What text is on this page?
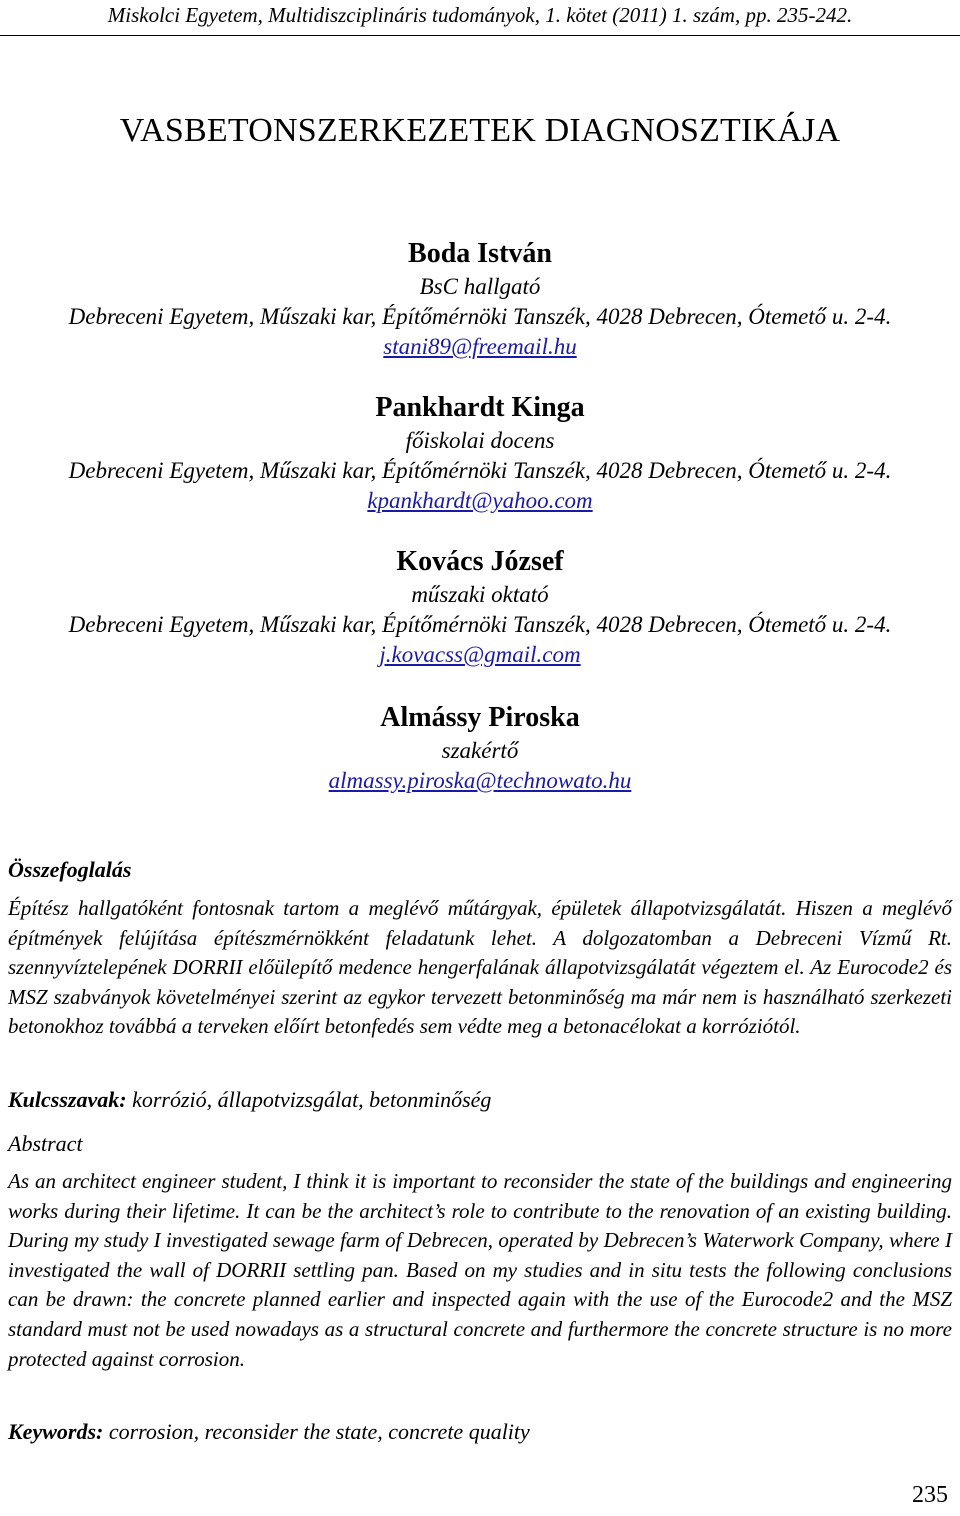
Miskolci Egyetem, Multidiszciplináris tudományok, 1. kötet (2011) 1. szám, pp. 235-242.
VASBETONSZERKEZETEK DIAGNOSZTIKÁJA
Boda István
BsC hallgató
Debreceni Egyetem, Műszaki kar, Építőmérnöki Tanszék, 4028 Debrecen, Ótemető u. 2-4.
stani89@freemail.hu
Pankhardt Kinga
főiskolai docens
Debreceni Egyetem, Műszaki kar, Építőmérnöki Tanszék, 4028 Debrecen, Ótemető u. 2-4.
kpankhardt@yahoo.com
Kovács József
műszaki oktató
Debreceni Egyetem, Műszaki kar, Építőmérnöki Tanszék, 4028 Debrecen, Ótemető u. 2-4.
j.kovacss@gmail.com
Almássy Piroska
szakértő
almassy.piroska@technowato.hu
Összefoglalás
Építész hallgatóként fontosnak tartom a meglévő műtárgyak, épületek állapotvizsgálatát. Hiszen a meglévő építmények felújítása építészmérnökként feladatunk lehet. A dolgozatomban a Debreceni Vízmű Rt. szennyvíztelepének DORRII előülepítő medence hengerfalának állapotvizsgálatát végeztem el. Az Eurocode2 és MSZ szabványok követelményei szerint az egykor tervezett betonminőség ma már nem is használható szerkezeti betonokhoz továbbá a terveken előírt betonfedés sem védte meg a betonacélokat a korróziótól.
Kulcsszavak: korrózió, állapotvizsgálat, betonminőség
Abstract
As an architect engineer student, I think it is important to reconsider the state of the buildings and engineering works during their lifetime. It can be the architect’s role to contribute to the renovation of an existing building. During my study I investigated sewage farm of Debrecen, operated by Debrecen’s Waterwork Company, where I investigated the wall of DORRII settling pan. Based on my studies and in situ tests the following conclusions can be drawn: the concrete planned earlier and inspected again with the use of the Eurocode2 and the MSZ standard must not be used nowadays as a structural concrete and furthermore the concrete structure is no more protected against corrosion.
Keywords: corrosion, reconsider the state, concrete quality
235
